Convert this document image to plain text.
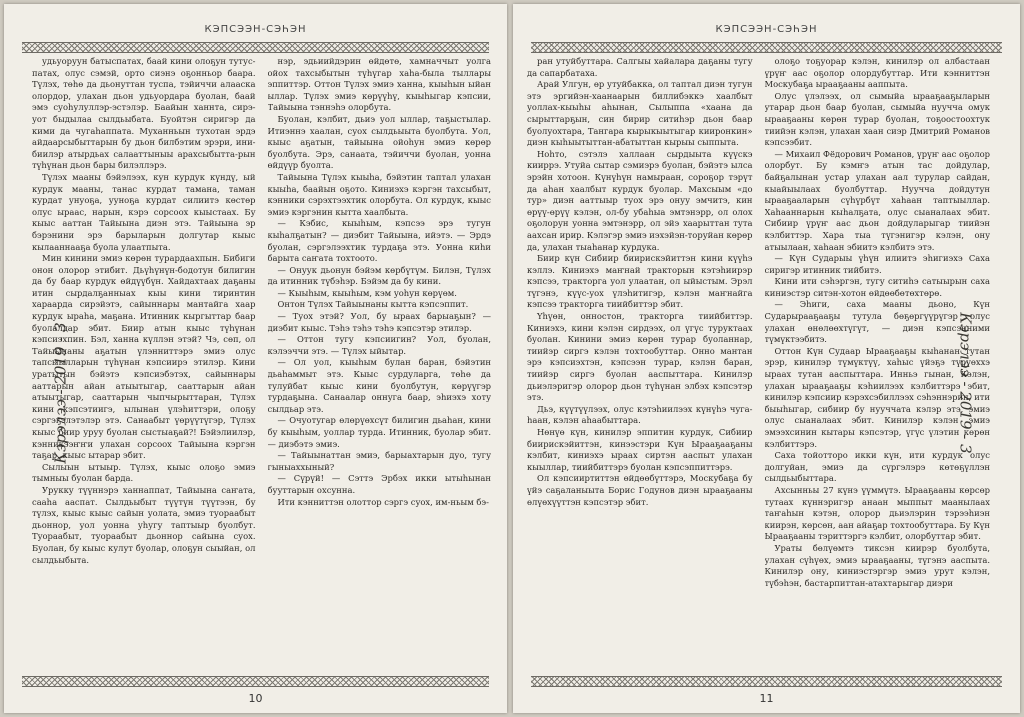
КЭПСЭЭН-СЭҺЭН
Кэрэлээ - 2019 - 3

удьуоруун батыспатах, баай кини олоҕун тутус-патах, олус сэмэй, орто сиэнэ оҕонньор баара. Түлэх, төһө да дьонуттан туспа, тэйиччи алааска олордор, улахан дьон удьуордара буолан, баай эмэ суоһулуллэр-эстэлэр. Баайын ханнта, сирэ- уот быдылаа сылдьыбата. Буойтэн сиригэр да кими да чугаһаппата. Муханньын тухотан эрдэ айдаарсыбыттарын бу дьон билбэтим эрэри, ини-биилэр атырдьах салааттыныы арахсыбытта-рын түһүнан дьон бары билэллэрэ.

Түлэх мааны бэйэлээх, кун курдук күндү, ый курдук мааны, танас курдат тамана, таман курдат унуоҕа, ууноҕа курдат силиитэ көстөр олус ырааc, нарын, кэрэ сорсоох кыыстаах. Бу кыыс ааттан Тайыына диэн этэ. Тайыына эр бэрэнини эрэ барыларын долгутар кыыс кылааннааҕа буола улаатпыта.

Мин кинини эмиэ көрөн турардаахпын. Бибиги онон олорор этибит. Дьүһүнүн-бодотун билигин да бу баар курдук өйдүүбүн. Хайдахтаах даҕаны итин сырдалҕанныах кыы кини тиринтин хараарда сирэйэтэ, сайыннары мантайга хаар курдук ыраһа, маҕана. Итинник кыргыттар баар буолалдар эбит. Биир атын кыыс түһүнан кэпсиэхпин. Бэл, ханна күллэн этэй? Чэ, сөп, ол Тайыынаны аҕатын үлэнниттэрэ эмиэ олус тапсыылларын түһүнан кэпсиирэ этилэр. Кини уратытын бэйэтэ кэпсиэбэтэх, сайыннары ааттарын айан атыытыгар, сааттарын айан атыытыгар, сааттарын чыпчырыттаран, Түлэх кини кэпсэтиигэ, ылынан үлэһиттэри, олоҕу сэргэҕэлэтэлэр этэ. Санаабыт үөрүүтүгэр, Түлэх кыыс биир уруу буолан сыстыаҕай?! Бэйэлиилэр, кэнникээҥҥи улахан сорсоох Тайыына кэргэн таҕар, кыыс ытарар эбит.

Сылыын ытыыр. Түлэх, кыыс олоҕо эмиэ тымныы буолан барда.

Урукку түүннэрэ ханнаппат, Тайыына саҥата, сааһа ааспат. Сылдьыбыт түүтүн түүтээн, бу түлэх, кыыс кыыс сайын уолата, эмиэ туораабыт дьоннор, уол уонна уһугу таптыыр буолбут. Туораабыт, туораабыт дьоннор сайына суох. Буолан, бу кыыс кулут буолар, олоҕун сыыйан, ол сылдьыбыта.

нэр, эдьиийдэрин өйдөтө, хамначчыт уолга ойох тахсыбытын түһүгар хаһа-была тыллары эппиттэр. Оттон Түлэх эмиэ ханна, кыыһын ыйан ыллар. Түлэх эмиэ көрүүһү, кыыһыгар кэпсии, Тайыына тэннэһэ олорбута.

Буолан, кэлбит, дьиэ уол ыллар, таҕыстылар. Итиэннэ хаалан, суох сылдьыыта буолбута. Уол, кыыс аҕатын, тайыына ойоһун эмиэ көрөр буолбута. Эрэ, санаата, тэйиччи буолан, уонна өйдүүр буолта.

Тайыына Түлэх кыыһа, бэйэтин таптал улахан кыыһа, баайын оҕото. Киниэхэ кэргэн тахсыбыт, кэнники сэрэхтээхтик олорбута. Ол курдук, кыыс эмиэ кэргэнин кытта хаалбыта.

— Кэбис, кыыһым, кэпсээ эрэ тугун кыһалҕатын? — диэбит Тайыына, ийэтэ. — Эрдэ буолан, сэргэлээхтик турдаҕа этэ. Уонна киһи барыта саҥата тохтоото.

— Онуук дьонун бэйэм көрбүтүм. Билэн, Түлэх да итинник түбэһэр. Бэйэм да бу кини.

— Кыыһым, кыыһым, кэм уоһун көрүөм.

Онтон Түлэх Тайыынаны кытта кэпсэппит.

— Туох этэй? Уол, бу ыраах барыаҕын? — диэбит кыыс. Тэһэ тэһэ тэһэ кэпсэтэр этилэр.

— Оттон тугу кэпсиигин? Уол, буолан, кэлээччи этэ. — Түлэх ыйытар.

— Ол уол, кыыһым булан баран, бэйэтин дьаһаммыт этэ. Кыыс сурдуларга, төһө да тулуйбат кыыс кини буолбутун, көрүүгэр турдаҕына. Санаалар оннуга баар, эһиэхэ хоту сылдьар этэ.

— Очуотугар өлөрүөхсүт билигин дьаһан, кини бу кыыһым, уоллар турда. Итинник, буолар эбит. — диэбэтэ эмиэ.

— Тайыынаттан эмиэ, барыахтарын дуо, тугу гыныаххыный?

— Сүрүй! — Сэттэ Эрбэх икки ытыһынан бууттарын охсунна.

Ити кэнниттэн олоттор сэргэ суох, им-ньым бэ-

10
КЭПСЭЭН-СЭҺЭН
Кэрэлээ - 2019 - 3

ран утуйбуттара. Салгыы хайалара даҕаны тугу да сапарбатаха.

Арай Улгун, өр утуйбакка, ол таптал диэн тугун этэ эргийэн-хаанаарын биллибэккэ хаалбыт уоллах-кыыһы аһынан, Сылыппа «хаана да сырыттарҕын, син бирир ситиһэр дьон баар буолуохтара, Тангара кырыкыытыгар кииронкин» диэн кыһыытыттан-абатыттан кырыы сыппыта.

Ноһто, сэтэлэ халлаан сырдыыта күүскэ кииррэ. Утуйа сытар сэмиэрэ буолан, бэйэтэ ылса эрэйн хотоон. Күнүһүн намыраан, сороҕор тэрүт да аһан хаалбыт курдук буолар. Махсыым «до тур» диэн ааттыыр туох эрэ онуу эмчитэ, кин өрүү-өрүү кэлэн, ол-бу убаһыа эмтэнэрр, ол олох оҕолорун уонна эмтэнэрр, ол эйэ хаарыттан тута аахсан ирир. Кэлэгэр эмиэ иэхэйэн-торуйан көрөр да, улахан тыаһанар курдука.

Биир күн Сибиир биирискэйиттэн кини күүһэ кэллэ. Киниэхэ маҥнай тракторын кэтэһиирэр кэпсээ, тракторга уол улаатан, ол ыйыстым. Эрэл түгэнэ, күүс-уох үлэһитигэр, кэлэн маҥнайга кэпсээ тракторга тиийбиттэр эбит.

Үһүөн, онностон, тракторга тиийбиттэр. Киниэхэ, кини кэлэн сирдээх, ол үгүс туруктаах буолан. Кинини эмиэ көрөн турар буоланнар, тиийэр сиргэ кэлэн тохтообуттар. Онно мантан эрэ кэпсиэхтэн, кэпсээн турар, кэлэн баран, тиийэр сиргэ буолан ааспыттара. Кинилэр дьиэлэригэр олорор дьон түһүнан элбэх кэпсэтэр этэ.

Дьэ, күүтүүлээх, олус кэтэһиилээх күнүһэ чуга-һаан, кэлэн аһаабыттара.

Нөнүө күн, кинилэр эппитин курдук, Сибиир биирискэйиттэн, кинээстэри Күн Ырааҕааҕаны кэлбит, киниэхэ ыраах сиртэн ааспыт улахан кыыллар, тиийбиттэрэ буолан кэпсэппиттэрэ.

Ол кэпсииртиттэн өйдөөбүттэрэ, Москубаҕа бу үйэ саҕаланыыта Борис Годунов диэн ырааҕааны өлүөхүүттэн кэпсэтэр эбит.

олоҕо тоҕуорар кэлэн, кинилэр ол албастаан үрүҥ аас оҕолор олордубуттар. Ити кэнниттэн Москубаҕа ырааҕааны ааппыта.

Олус үлэлээх, ол сымыйа ырааҕааҕыларын утарар дьон баар буолан, сымыйа нуучча омук ырааҕааны көрөн турар буолан, тоҕоостоохтук тиийэн кэлэн, улахан хаан сиэр Дмитрий Романов кэпсээбит.

— Михаил Фёдорович Романов, үрүҥ аас оҕолор олорбут. Бу кэмҥэ атын тас дойдулар, байҕалынан устар улахан аал турулар сайдан, кыайыылаах буолбуттар. Нуучча дойдутун ырааҕааларын сүһүрбүт хаһаан таптыыллар. Хаһааннарын кыһалҕата, олус сыаналаах эбит. Сибиир үрүҥ аас дьон дойдуларыгар тиийэн кэлбиттэр. Хара тыа түгэнигэр кэлэн, ону атыылаан, хаһаан эбиитэ кэлбитэ этэ.

— Күн Сударыы үһүн илиитэ эһигиэхэ Саха сиригэр итинник тийбитэ.

Кини ити сэһэргэн, тугу ситиһэ сатыырын саха киниэстэр ситэн-хотон өйдөөбөтөхтөрө.

— Эһиги, саха мааны дьоно, Күн Сударырааҕааҕы тутула бөҕөргүүрүгэр олус улахан өнөлөөхтүгүт, — диэн кэпсэнними түмүктээбитэ.

Оттон Күн Судаар Ырааҕааҕы кыһанан тутан эрэр, кинилэр түмүктүү, хаһыс үйэҕэ түрүөххэ ыраах тутан ааспыттара. Инньэ гынан, Кэлэн, улахан ырааҕааҕы кэһиилээх кэлбиттэрэ эбит, кинилэр кэпсиир кэрэхсэбиллээх сэһэннэрин, ити быыһыгар, сибиир бу нууччата кэлэр этэ, эмиэ олус сыаналаах эбит. Кинилэр кэлэн эмиэ эмээхсинин кытары кэпсэтэр, үгүс үлэтин көрөн кэлбиттэрэ.

Саха тойотторо икки күн, ити курдук олус долгуйан, эмиэ да сүргэлэрэ көтөҕүллэн сылдьыбыттара.

Ахсынньы 27 күнэ үүммүтэ. Ырааҕааны көрсөр тутаах күннэригэр анаан мыппыт маанылаах таҥаһын кэтэн, олорор дьиэлэрин тэрээһиэн киирэн, көрсөн, аан айаҕар тохтообуттара. Бу Күн Ырааҕааны тэриттэргэ кэлбит, олорбуттар эбит.

Ураты бөлүөмтэ тиксэн киирэр буолбута, улахан сүһүөх, эмиэ ырааҕааны, түгэнэ ааспыта. Кинилэр ону, киниэстэргэр эмиэ урут кэлэн, түбэһэн, бастарпиттан-атахтарыгар диэри

11
